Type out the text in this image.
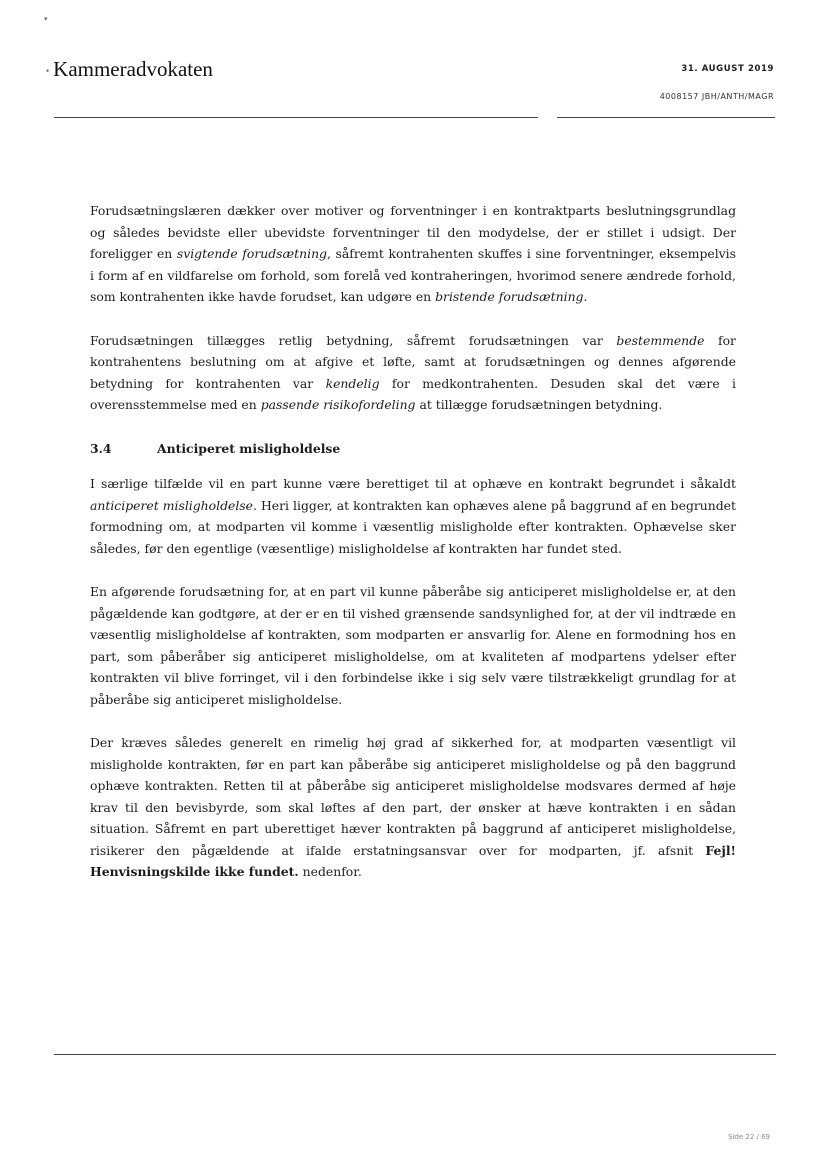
▾
• Kammeradvokaten	31. AUGUST 2019
4008157 JBH/ANTH/MAGR

Forudsætningslæren dækker over motiver og forventninger i en kontraktparts beslutningsgrundlag og således bevidste eller ubevidste forventninger til den modydelse, der er stillet i udsigt. Der foreligger en svigtende forudsætning, såfremt kontrahenten skuffes i sine forventninger, eksempelvis i form af en vildfarelse om forhold, som forelå ved kontraheringen, hvorimod senere ændrede forhold, som kontrahenten ikke havde forudset, kan udgøre en bristende forudsætning.

Forudsætningen tillægges retlig betydning, såfremt forudsætningen var bestemmende for kontrahentens beslutning om at afgive et løfte, samt at forudsætningen og dennes afgørende betydning for kontrahenten var kendelig for medkontrahenten. Desuden skal det være i overensstemmelse med en passende risikofordeling at tillægge forudsætningen betydning.

3.4	Anticiperet misligholdelse

I særlige tilfælde vil en part kunne være berettiget til at ophæve en kontrakt begrundet i såkaldt anticiperet misligholdelse. Heri ligger, at kontrakten kan ophæves alene på baggrund af en begrundet formodning om, at modparten vil komme i væsentlig misligholde efter kontrakten. Ophævelse sker således, før den egentlige (væsentlige) misligholdelse af kontrakten har fundet sted.

En afgørende forudsætning for, at en part vil kunne påberåbe sig anticiperet misligholdelse er, at den pågældende kan godtgøre, at der er en til vished grænsende sandsynlighed for, at der vil indtræde en væsentlig misligholdelse af kontrakten, som modparten er ansvarlig for. Alene en formodning hos en part, som påberåber sig anticiperet misligholdelse, om at kvaliteten af modpartens ydelser efter kontrakten vil blive forringet, vil i den forbindelse ikke i sig selv være tilstrækkeligt grundlag for at påberåbe sig anticiperet misligholdelse.

Der kræves således generelt en rimelig høj grad af sikkerhed for, at modparten væsentligt vil misligholde kontrakten, før en part kan påberåbe sig anticiperet misligholdelse og på den baggrund ophæve kontrakten. Retten til at påberåbe sig anticiperet misligholdelse modsvares dermed af høje krav til den bevisbyrde, som skal løftes af den part, der ønsker at hæve kontrakten i en sådan situation. Såfremt en part uberettiget hæver kontrakten på baggrund af anticiperet misligholdelse, risikerer den pågældende at ifalde erstatningsansvar over for modparten, jf. afsnit Fejl! Henvisningskilde ikke fundet. nedenfor.

Side 22 / 69
